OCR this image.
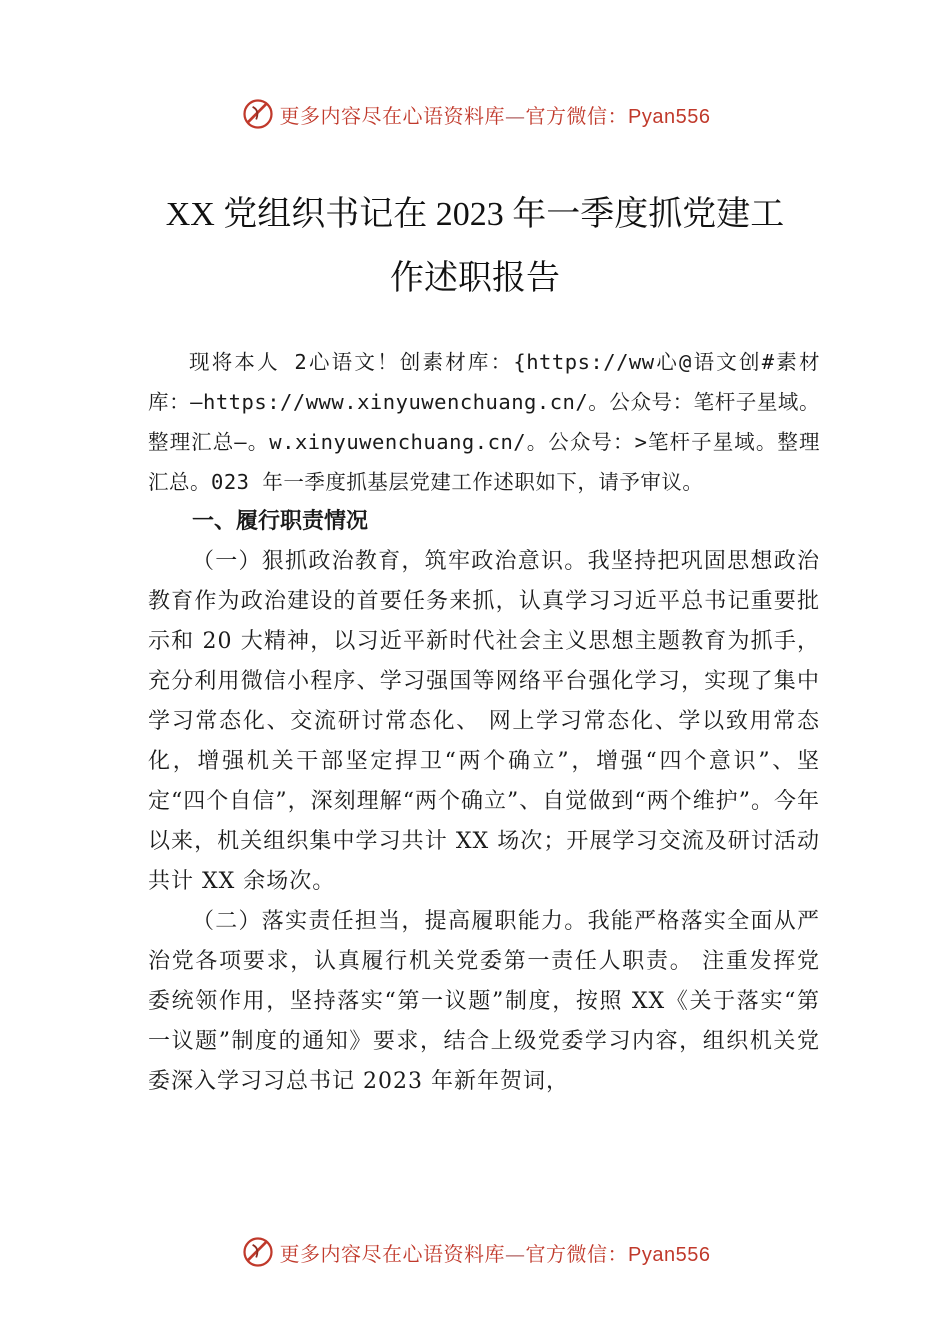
更多内容尽在心语资料库—官方微信：Pyan556
XX 党组织书记在 2023 年一季度抓党建工
作述职报告

现将本人 2心语文！创素材库：{https://ww心@语文创#素材库：—https://www.xinyuwenchuang.cn/。公众号：笔杆子星域。整理汇总—。w.xinyuwenchuang.cn/。公众号：>笔杆子星域。整理汇总。023 年一季度抓基层党建工作述职如下，请予审议。

一、履行职责情况

（一）狠抓政治教育，筑牢政治意识。我坚持把巩固思想政治教育作为政治建设的首要任务来抓，认真学习习近平总书记重要批示和 20 大精神，以习近平新时代社会主义思想主题教育为抓手，充分利用微信小程序、学习强国等网络平台强化学习，实现了集中学习常态化、交流研讨常态化、 网上学习常态化、学以致用常态化，增强机关干部坚定捍卫“两个确立”，增强“四个意识”、坚定“四个自信”，深刻理解“两个确立”、自觉做到“两个维护”。今年以来，机关组织集中学习共计 XX 场次；开展学习交流及研讨活动共计 XX 余场次。

（二）落实责任担当，提高履职能力。我能严格落实全面从严治党各项要求，认真履行机关党委第一责任人职责。 注重发挥党委统领作用，坚持落实“第一议题”制度，按照 XX《关于落实“第一议题”制度的通知》要求，结合上级党委学习内容，组织机关党委深入学习习总书记 2023 年新年贺词，

更多内容尽在心语资料库—官方微信：Pyan556
